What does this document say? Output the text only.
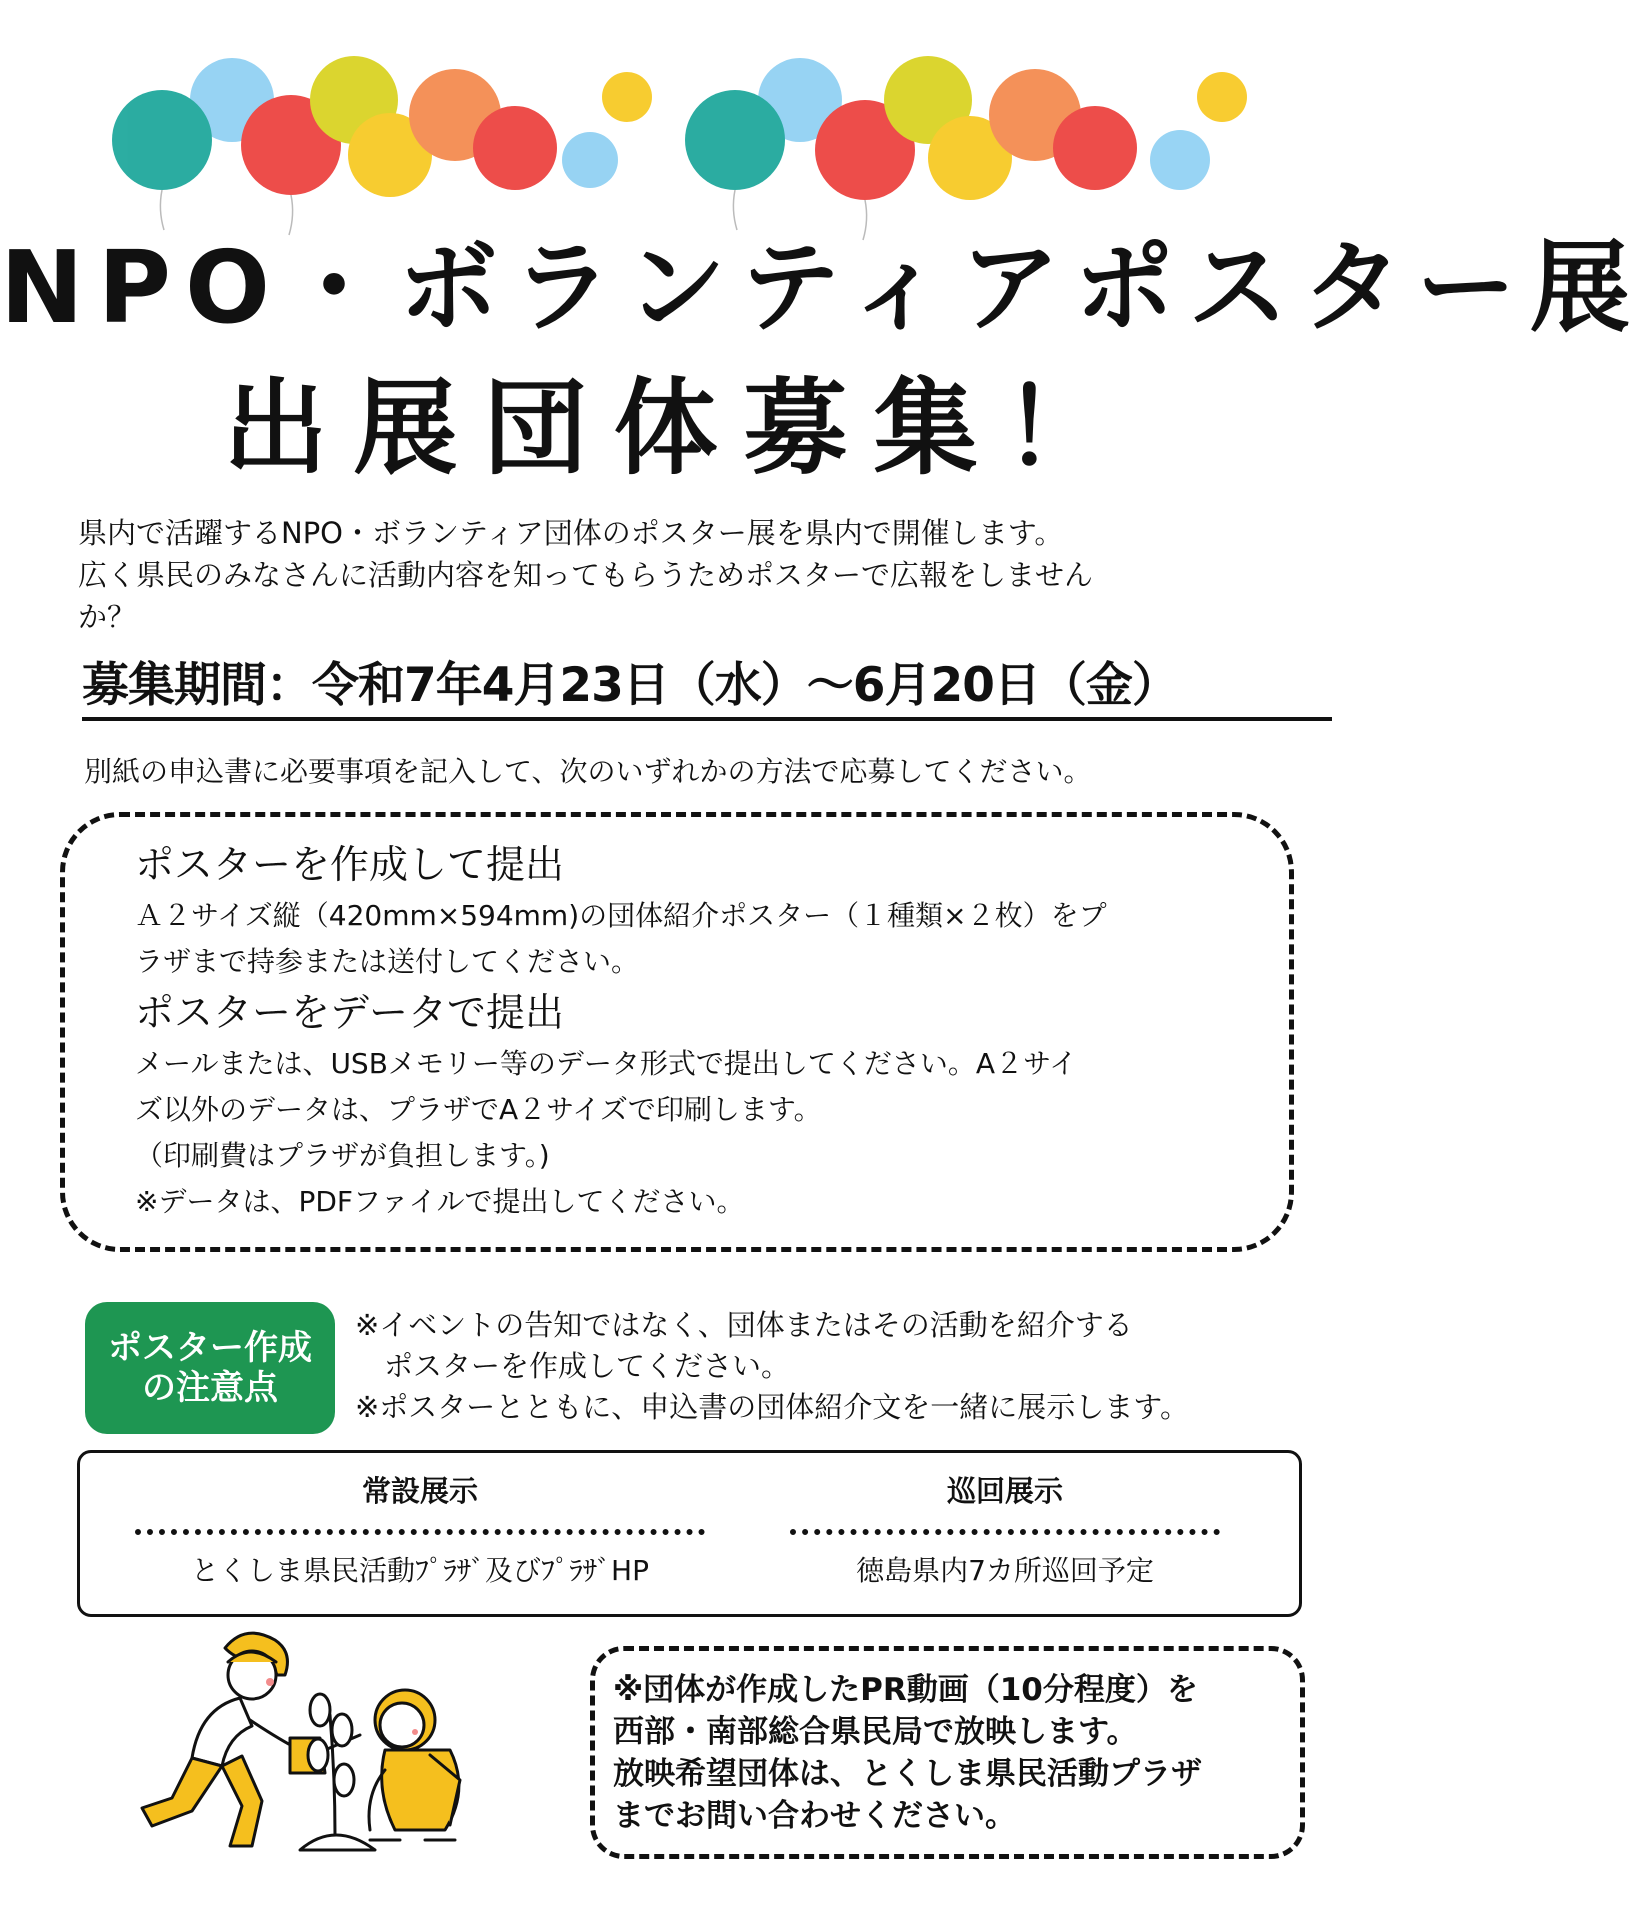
NPO・ボランティアポスター展
出展団体募集！
県内で活躍するNPO・ボランティア団体のポスター展を県内で開催します。
広く県民のみなさんに活動内容を知ってもらうためポスターで広報をしません
か？
募集期間：令和7年4月23日（水）～6月20日（金）
別紙の申込書に必要事項を記入して、次のいずれかの方法で応募してください。
ポスターを作成して提出
Ａ２サイズ縦（420mm×594mm)の団体紹介ポスター（１種類×２枚）をプ
ラザまで持参または送付してください。
ポスターをデータで提出
メールまたは、USBメモリー等のデータ形式で提出してください。A２サイ
ズ以外のデータは、プラザでA２サイズで印刷します。
（印刷費はプラザが負担します。)
※データは、PDFファイルで提出してください。
ポスター作成
の注意点
※イベントの告知ではなく、団体またはその活動を紹介する
　ポスターを作成してください。
※ポスターとともに、申込書の団体紹介文を一緒に展示します。
常設展示
とくしま県民活動ﾌﾟﾗｻﾞ及びﾌﾟﾗｻﾞHP
巡回展示
徳島県内7カ所巡回予定
※団体が作成したPR動画（10分程度）を
西部・南部総合県民局で放映します。
放映希望団体は、とくしま県民活動プラザ
までお問い合わせください。
